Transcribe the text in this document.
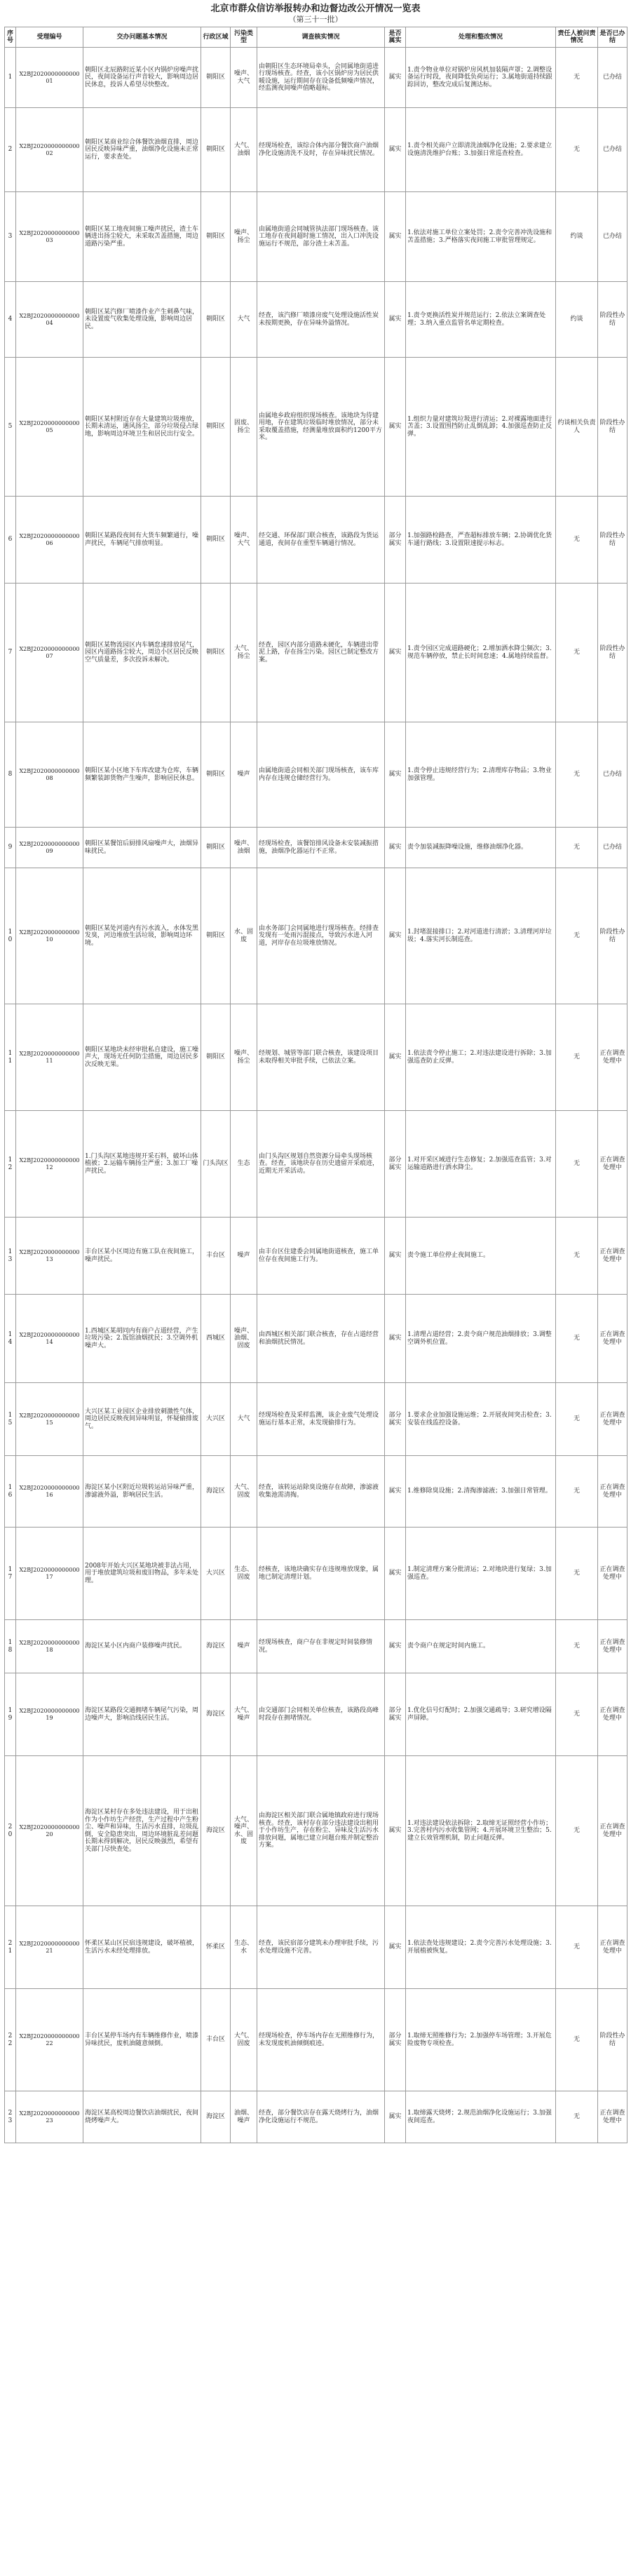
北京市群众信访举报转办和边督边改公开情况一览表

（第三十一批）

序号	受理编号	交办问题基本情况	行政区域	污染类型	调查核实情况	是否属实	处理和整改情况	责任人被问责情况	是否已办结
1	X2BJ202000000000001	朝阳区北辰路附近某小区内锅炉房噪声扰民，夜间设备运行声音较大，影响周边居民休息，投诉人希望尽快整改。	朝阳区	噪声、大气	由朝阳区生态环境局牵头，会同属地街道进行现场核查。经查，该小区锅炉房为居民供暖设施，运行期间存在设备低频噪声情况，经监测夜间噪声值略超标。	属实	1.责令物业单位对锅炉房风机加装隔声罩；2.调整设备运行时段，夜间降低负荷运行；3.属地街道持续跟踪回访，整改完成后复测达标。	无	已办结
2	X2BJ202000000000002	朝阳区某商业综合体餐饮油烟直排，周边居民反映异味严重，油烟净化设施未正常运行，要求查处。	朝阳区	大气、油烟	经现场检查，该综合体内部分餐饮商户油烟净化设施清洗不及时，存在异味扰民情况。	属实	1.责令相关商户立即清洗油烟净化设施；2.要求建立设施清洗维护台账；3.加强日常巡查检查。	无	已办结
3	X2BJ202000000000003	朝阳区某工地夜间施工噪声扰民，渣土车辆进出扬尘较大，未采取苫盖措施，周边道路污染严重。	朝阳区	噪声、扬尘	由属地街道会同城管执法部门现场核查。该工地存在夜间超时施工情况，出入口冲洗设施运行不规范，部分渣土未苫盖。	属实	1.依法对施工单位立案处罚；2.责令完善冲洗设施和苫盖措施；3.严格落实夜间施工审批管理规定。	约谈	已办结
4	X2BJ202000000000004	朝阳区某汽修厂喷漆作业产生刺鼻气味，未设置废气收集处理设施，影响周边居民。	朝阳区	大气	经查，该汽修厂喷漆房废气处理设施活性炭未按期更换，存在异味外溢情况。	属实	1.责令更换活性炭并规范运行；2.依法立案调查处理；3.纳入重点监管名单定期检查。	约谈	阶段性办结
5	X2BJ202000000000005	朝阳区某村附近存在大量建筑垃圾堆放，长期未清运，遇风扬尘，部分垃圾侵占绿地，影响周边环境卫生和居民出行安全。	朝阳区	固废、扬尘	由属地乡政府组织现场核查。该地块为待建用地，存在建筑垃圾临时堆放情况，部分未采取覆盖措施，经测量堆放面积约1200平方米。	属实	1.组织力量对建筑垃圾进行清运；2.对裸露地面进行苫盖；3.设置围挡防止乱倒乱卸；4.加强巡查防止反弹。	约谈相关负责人	阶段性办结
6	X2BJ202000000000006	朝阳区某路段夜间有大货车频繁通行，噪声扰民，车辆尾气排放明显。	朝阳区	噪声、大气	经交通、环保部门联合核查，该路段为货运通道，夜间存在重型车辆通行情况。	部分属实	1.加强路检路查，严查超标排放车辆；2.协调优化货车通行路线；3.设置限速提示标志。	无	阶段性办结
7	X2BJ202000000000007	朝阳区某物流园区内车辆怠速排放尾气，园区内道路扬尘较大，周边小区居民反映空气质量差，多次投诉未解决。	朝阳区	大气、扬尘	经查，园区内部分道路未硬化，车辆进出带泥上路，存在扬尘污染。园区已制定整改方案。	属实	1.责令园区完成道路硬化；2.增加洒水降尘频次；3.规范车辆停放，禁止长时间怠速；4.属地持续监督。	无	阶段性办结
8	X2BJ202000000000008	朝阳区某小区地下车库改建为仓库，车辆频繁装卸货物产生噪声，影响居民休息。	朝阳区	噪声	由属地街道会同相关部门现场核查，该车库内存在违规仓储经营行为。	属实	1.责令停止违规经营行为；2.清理库存物品；3.物业加强管理。	无	已办结
9	X2BJ202000000000009	朝阳区某餐馆后厨排风扇噪声大，油烟异味扰民。	朝阳区	噪声、油烟	经现场检查，该餐馆排风设备未安装减振措施，油烟净化器运行不正常。	属实	责令加装减振降噪设施，维修油烟净化器。	无	已办结
10	X2BJ202000000000010	朝阳区某处河道内有污水流入，水体发黑发臭，河边堆放生活垃圾，影响周边环境。	朝阳区	水、固废	由水务部门会同属地进行现场核查。经排查发现有一处雨污混接点，导致污水进入河道，河岸存在垃圾堆放情况。	属实	1.封堵混接排口；2.对河道进行清淤；3.清理河岸垃圾；4.落实河长制巡查。	无	阶段性办结
11	X2BJ202000000000011	朝阳区某地块未经审批私自建设，施工噪声大，现场无任何防尘措施，周边居民多次反映无果。	朝阳区	噪声、扬尘	经规划、城管等部门联合核查，该建设项目未取得相关审批手续，已依法立案。	属实	1.依法责令停止施工；2.对违法建设进行拆除；3.加强巡查防止反弹。	无	正在调查处理中
12	X2BJ202000000000012	1.门头沟区某地违规开采石料，破坏山体植被；2.运输车辆扬尘严重；3.加工厂噪声扰民。	门头沟区	生态	由门头沟区规划自然资源分局牵头现场核查。经查，该地块存在历史遗留开采痕迹，近期无开采活动。	部分属实	1.对开采区域进行生态修复；2.加强巡查监管；3.对运输道路进行洒水降尘。	无	正在调查处理中
13	X2BJ202000000000013	丰台区某小区周边有施工队在夜间施工，噪声扰民。	丰台区	噪声	由丰台区住建委会同属地街道核查，施工单位存在夜间施工行为。	属实	责令施工单位停止夜间施工。	无	正在调查处理中
14	X2BJ202000000000014	1.西城区某胡同内有商户占道经营，产生垃圾污染；2.饭馆油烟扰民；3.空调外机噪声大。	西城区	噪声、油烟、固废	由西城区相关部门联合核查，存在占道经营和油烟扰民情况。	属实	1.清理占道经营；2.责令商户规范油烟排放；3.调整空调外机位置。	无	正在调查处理中
15	X2BJ202000000000015	大兴区某工业园区企业排放刺激性气体，周边居民反映夜间异味明显，怀疑偷排废气。	大兴区	大气	经现场检查及采样监测，该企业废气处理设施运行基本正常，未发现偷排行为。	部分属实	1.要求企业加强设施运维；2.开展夜间突击检查；3.安装在线监控设备。	无	正在调查处理中
16	X2BJ202000000000016	海淀区某小区附近垃圾转运站异味严重，渗滤液外溢，影响居民生活。	海淀区	大气、固废	经查，该转运站除臭设施存在故障，渗滤液收集池需清掏。	属实	1.维修除臭设施；2.清掏渗滤液；3.加强日常管理。	无	正在调查处理中
17	X2BJ202000000000017	2008年开始大兴区某地块被非法占用，用于堆放建筑垃圾和废旧物品，多年未处理。	大兴区	生态、固废	经核查，该地块确实存在违规堆放现象，属地已制定清理计划。	属实	1.制定清理方案分批清运；2.对地块进行复绿；3.加强巡查。	无	正在调查处理中
18	X2BJ202000000000018	海淀区某小区内商户装修噪声扰民。	海淀区	噪声	经现场核查，商户存在非规定时间装修情况。	属实	责令商户在规定时间内施工。	无	正在调查处理中
19	X2BJ202000000000019	海淀区某路段交通拥堵车辆尾气污染，周边噪声大，影响沿线居民生活。	海淀区	大气、噪声	由交通部门会同相关单位核查，该路段高峰时段存在拥堵情况。	部分属实	1.优化信号灯配时；2.加强交通疏导；3.研究增设隔声屏障。	无	正在调查处理中
20	X2BJ202000000000020	海淀区某村存在多处违法建设，用于出租作为小作坊生产经营，生产过程中产生粉尘、噪声和异味，生活污水直排，垃圾乱倒，安全隐患突出，周边环境脏乱差问题长期未得到解决，居民反映强烈，希望有关部门尽快查处。	海淀区	大气、噪声、水、固废	由海淀区相关部门联合属地镇政府进行现场核查。经查，该村存在部分违法建设出租用于小作坊生产，存在粉尘、异味及生活污水排放问题，属地已建立问题台账并制定整治方案。	属实	1.对违法建设依法拆除；2.取缔无证照经营小作坊；3.完善村内污水收集管网；4.开展环境卫生整治；5.建立长效管理机制，防止问题反弹。	无	正在调查处理中
21	X2BJ202000000000021	怀柔区某山区民宿违规建设，破坏植被，生活污水未经处理排放。	怀柔区	生态、水	经查，该民宿部分建筑未办理审批手续，污水处理设施不完善。	属实	1.依法查处违规建设；2.责令完善污水处理设施；3.开展植被恢复。	无	正在调查处理中
22	X2BJ202000000000022	丰台区某停车场内有车辆维修作业，喷漆异味扰民，废机油随意倾倒。	丰台区	大气、固废	经现场检查，停车场内存在无照维修行为，未发现废机油倾倒痕迹。	部分属实	1.取缔无照维修行为；2.加强停车场管理；3.开展危险废物专项检查。	无	阶段性办结
23	X2BJ202000000000023	海淀区某高校周边餐饮店油烟扰民，夜间烧烤噪声大。	海淀区	油烟、噪声	经查，部分餐饮店存在露天烧烤行为，油烟净化设施运行不规范。	属实	1.取缔露天烧烤；2.规范油烟净化设施运行；3.加强夜间巡查。	无	正在调查处理中
